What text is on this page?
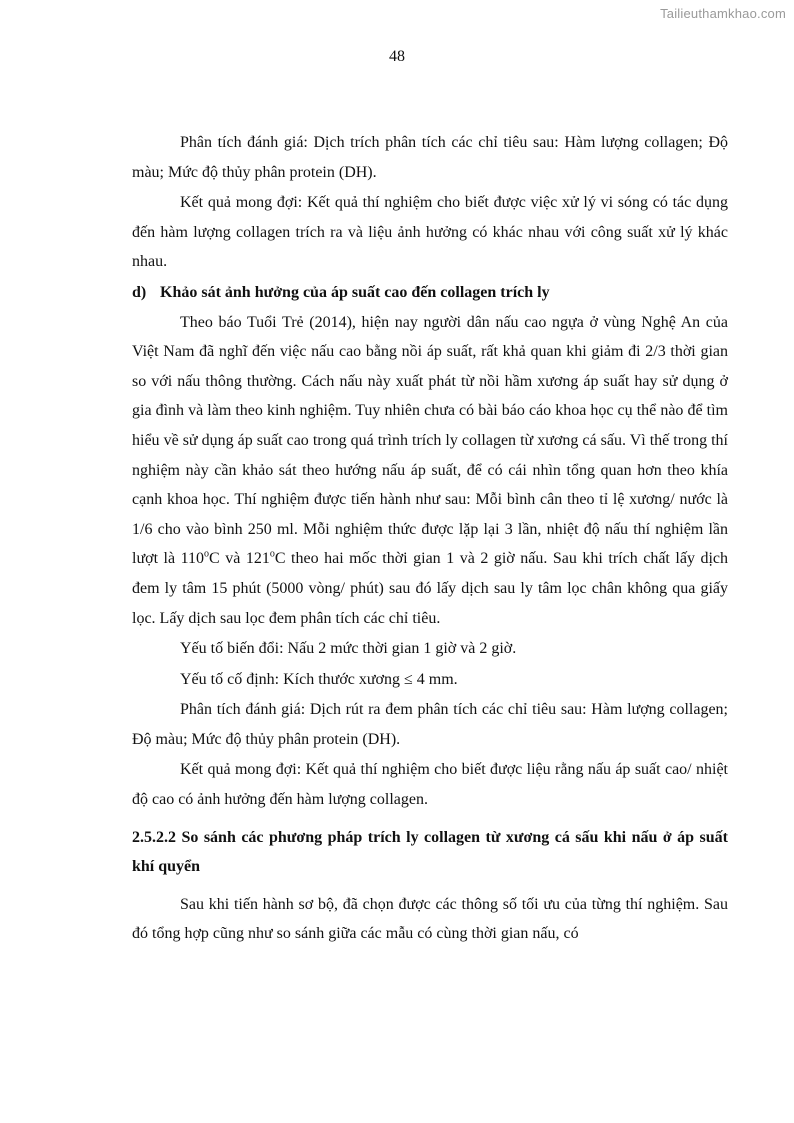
Tailieuthamkhao.com
48

Phân tích đánh giá: Dịch trích phân tích các chỉ tiêu sau: Hàm lượng collagen; Độ màu; Mức độ thủy phân protein (DH).

Kết quả mong đợi: Kết quả thí nghiệm cho biết được việc xử lý vi sóng có tác dụng đến hàm lượng collagen trích ra và liệu ảnh hưởng có khác nhau với công suất xử lý khác nhau.

d) Khảo sát ảnh hưởng của áp suất cao đến collagen trích ly

Theo báo Tuổi Trẻ (2014), hiện nay người dân nấu cao ngựa ở vùng Nghệ An của Việt Nam đã nghĩ đến việc nấu cao bằng nồi áp suất, rất khả quan khi giảm đi 2/3 thời gian so với nấu thông thường. Cách nấu này xuất phát từ nồi hầm xương áp suất hay sử dụng ở gia đình và làm theo kinh nghiệm. Tuy nhiên chưa có bài báo cáo khoa học cụ thể nào để tìm hiểu về sử dụng áp suất cao trong quá trình trích ly collagen từ xương cá sấu. Vì thế trong thí nghiệm này cần khảo sát theo hướng nấu áp suất, để có cái nhìn tổng quan hơn theo khía cạnh khoa học. Thí nghiệm được tiến hành như sau: Mỗi bình cân theo tỉ lệ xương/ nước là 1/6 cho vào bình 250 ml. Mỗi nghiệm thức được lặp lại 3 lần, nhiệt độ nấu thí nghiệm lần lượt là 110$^o$C và 121$^o$C theo hai mốc thời gian 1 và 2 giờ nấu. Sau khi trích chất lấy dịch đem ly tâm 15 phút (5000 vòng/ phút) sau đó lấy dịch sau ly tâm lọc chân không qua giấy lọc. Lấy dịch sau lọc đem phân tích các chỉ tiêu.

Yếu tố biến đổi: Nấu 2 mức thời gian 1 giờ và 2 giờ.

Yếu tố cố định: Kích thước xương ≤ 4 mm.

Phân tích đánh giá: Dịch rút ra đem phân tích các chỉ tiêu sau: Hàm lượng collagen; Độ màu; Mức độ thủy phân protein (DH).

Kết quả mong đợi: Kết quả thí nghiệm cho biết được liệu rằng nấu áp suất cao/ nhiệt độ cao có ảnh hưởng đến hàm lượng collagen.

2.5.2.2 So sánh các phương pháp trích ly collagen từ xương cá sấu khi nấu ở áp suất khí quyển

Sau khi tiến hành sơ bộ, đã chọn được các thông số tối ưu của từng thí nghiệm. Sau đó tổng hợp cũng như so sánh giữa các mẫu có cùng thời gian nấu, có
